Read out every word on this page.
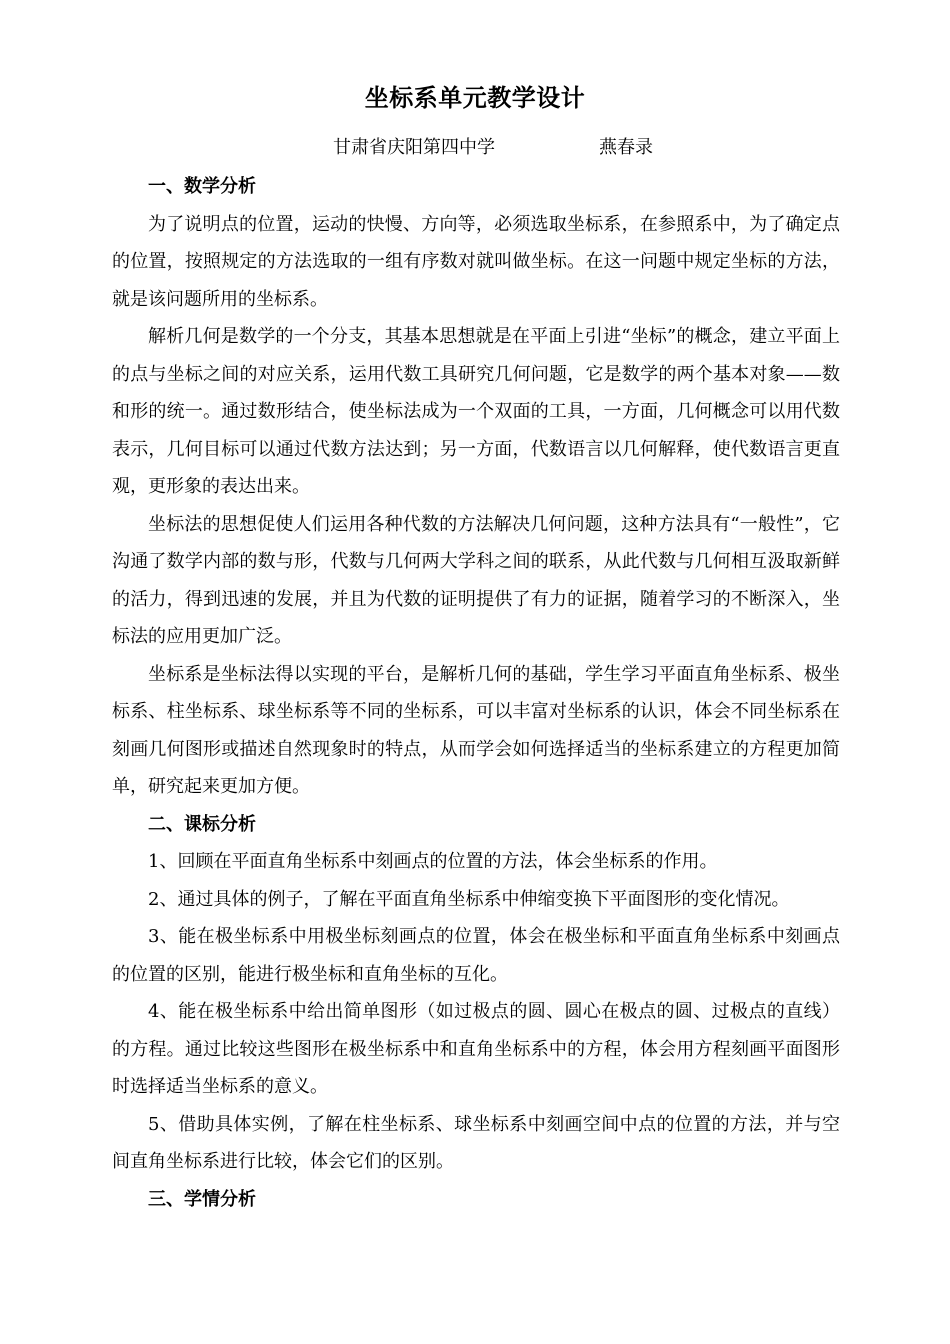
坐标系单元教学设计
甘肃省庆阳第四中学	燕春录

一、数学分析

为了说明点的位置，运动的快慢、方向等，必须选取坐标系，在参照系中，为了确定点的位置，按照规定的方法选取的一组有序数对就叫做坐标。在这一问题中规定坐标的方法，就是该问题所用的坐标系。

解析几何是数学的一个分支，其基本思想就是在平面上引进“坐标”的概念，建立平面上的点与坐标之间的对应关系，运用代数工具研究几何问题，它是数学的两个基本对象——数和形的统一。通过数形结合，使坐标法成为一个双面的工具，一方面，几何概念可以用代数表示，几何目标可以通过代数方法达到；另一方面，代数语言以几何解释，使代数语言更直观，更形象的表达出来。

坐标法的思想促使人们运用各种代数的方法解决几何问题，这种方法具有“一般性”，它沟通了数学内部的数与形，代数与几何两大学科之间的联系，从此代数与几何相互汲取新鲜的活力，得到迅速的发展，并且为代数的证明提供了有力的证据，随着学习的不断深入，坐标法的应用更加广泛。

坐标系是坐标法得以实现的平台，是解析几何的基础，学生学习平面直角坐标系、极坐标系、柱坐标系、球坐标系等不同的坐标系，可以丰富对坐标系的认识，体会不同坐标系在刻画几何图形或描述自然现象时的特点，从而学会如何选择适当的坐标系建立的方程更加简单，研究起来更加方便。

二、课标分析

1、回顾在平面直角坐标系中刻画点的位置的方法，体会坐标系的作用。

2、通过具体的例子，了解在平面直角坐标系中伸缩变换下平面图形的变化情况。

3、能在极坐标系中用极坐标刻画点的位置，体会在极坐标和平面直角坐标系中刻画点的位置的区别，能进行极坐标和直角坐标的互化。

4、能在极坐标系中给出简单图形（如过极点的圆、圆心在极点的圆、过极点的直线）的方程。通过比较这些图形在极坐标系中和直角坐标系中的方程，体会用方程刻画平面图形时选择适当坐标系的意义。

5、借助具体实例，了解在柱坐标系、球坐标系中刻画空间中点的位置的方法，并与空间直角坐标系进行比较，体会它们的区别。

三、学情分析
